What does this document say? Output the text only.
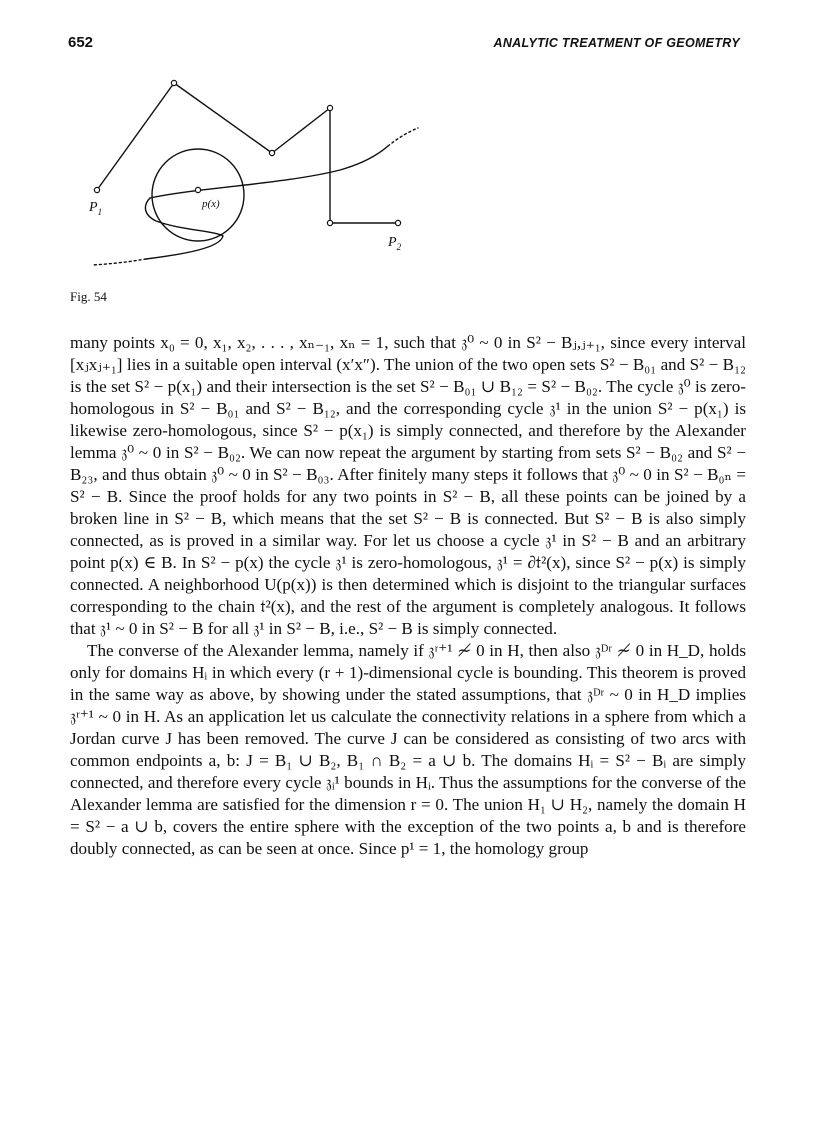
652	ANALYTIC TREATMENT OF GEOMETRY
$P_1$
p(x)
$P_2$
Fig. 54

many points x₀ = 0, x₁, x₂, . . . , xₙ₋₁, xₙ = 1, such that 𝔷⁰ ~ 0 in S² − Bⱼ,ⱼ₊₁, since every interval [xⱼxⱼ₊₁] lies in a suitable open interval (x′x″). The union of the two open sets S² − B₀₁ and S² − B₁₂ is the set S² − p(x₁) and their intersection is the set S² − B₀₁ ∪ B₁₂ = S² − B₀₂. The cycle 𝔷⁰ is zero-homologous in S² − B₀₁ and S² − B₁₂, and the corresponding cycle 𝔷¹ in the union S² − p(x₁) is likewise zero-homologous, since S² − p(x₁) is simply connected, and therefore by the Alexander lemma 𝔷⁰ ~ 0 in S² − B₀₂. We can now repeat the argument by starting from sets S² − B₀₂ and S² − B₂₃, and thus obtain 𝔷⁰ ~ 0 in S² − B₀₃. After finitely many steps it follows that 𝔷⁰ ~ 0 in S² − B₀ₙ = S² − B. Since the proof holds for any two points in S² − B, all these points can be joined by a broken line in S² − B, which means that the set S² − B is connected. But S² − B is also simply connected, as is proved in a similar way. For let us choose a cycle 𝔷¹ in S² − B and an arbitrary point p(x) ∈ B. In S² − p(x) the cycle 𝔷¹ is zero-homologous, 𝔷¹ = ∂𝔱²(x), since S² − p(x) is simply connected. A neighborhood U(p(x)) is then determined which is disjoint to the triangular surfaces corresponding to the chain 𝔱²(x), and the rest of the argument is completely analogous. It follows that 𝔷¹ ~ 0 in S² − B for all 𝔷¹ in S² − B, i.e., S² − B is simply connected.

The converse of the Alexander lemma, namely if 𝔷ʳ⁺¹ ≁ 0 in H, then also 𝔷ᴰʳ ≁ 0 in H_D, holds only for domains Hᵢ in which every (r + 1)-dimensional cycle is bounding. This theorem is proved in the same way as above, by showing under the stated assumptions, that 𝔷ᴰʳ ~ 0 in H_D implies 𝔷ʳ⁺¹ ~ 0 in H. As an application let us calculate the connectivity relations in a sphere from which a Jordan curve J has been removed. The curve J can be considered as consisting of two arcs with common endpoints a, b: J = B₁ ∪ B₂, B₁ ∩ B₂ = a ∪ b. The domains Hᵢ = S² − Bᵢ are simply connected, and therefore every cycle 𝔷ᵢ¹ bounds in Hᵢ. Thus the assumptions for the converse of the Alexander lemma are satisfied for the dimension r = 0. The union H₁ ∪ H₂, namely the domain H = S² − a ∪ b, covers the entire sphere with the exception of the two points a, b and is therefore doubly connected, as can be seen at once. Since p¹ = 1, the homology group
